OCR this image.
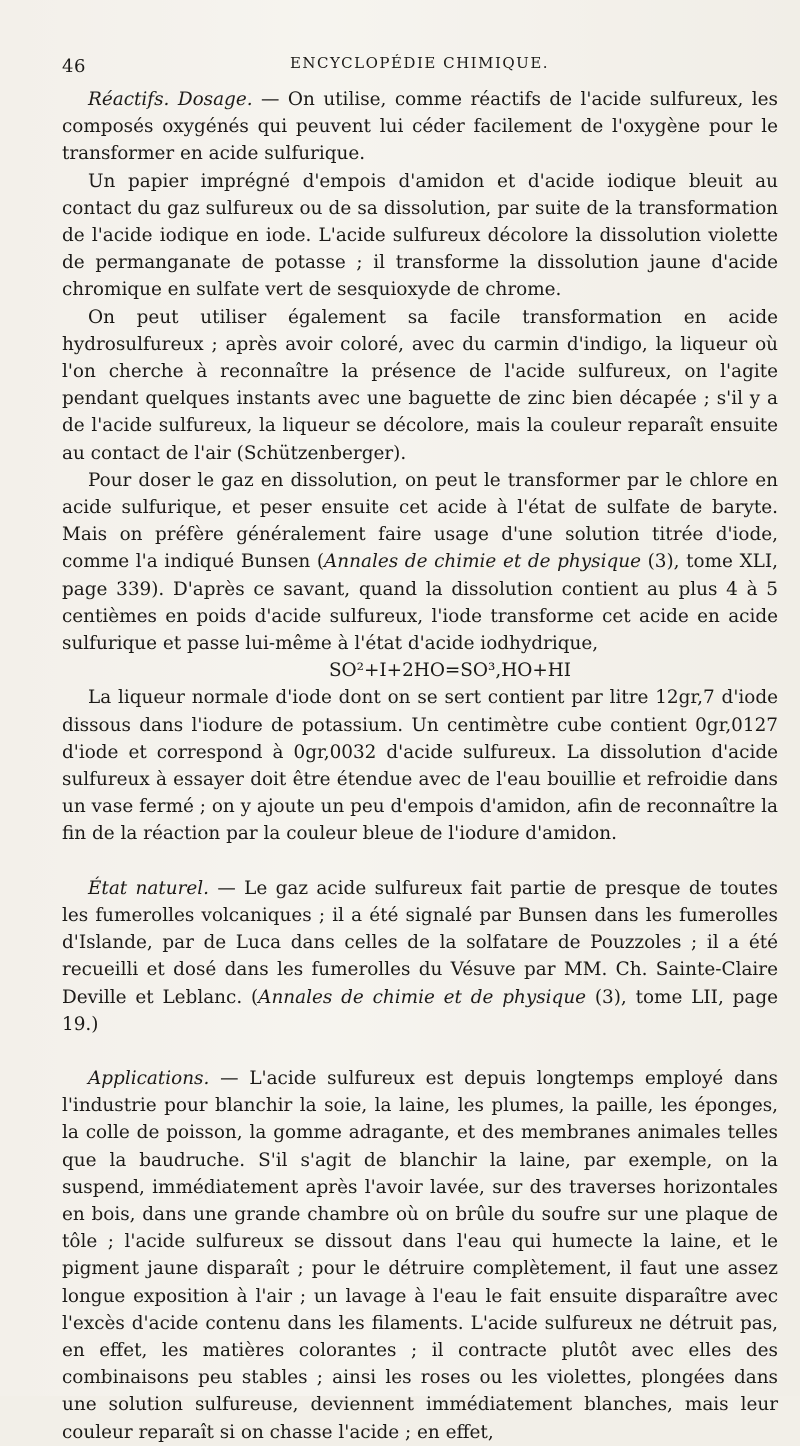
46	ENCYCLOPÉDIE CHIMIQUE.

Réactifs. Dosage. — On utilise, comme réactifs de l'acide sulfureux, les composés oxygénés qui peuvent lui céder facilement de l'oxygène pour le transformer en acide sulfurique.

Un papier imprégné d'empois d'amidon et d'acide iodique bleuit au contact du gaz sulfureux ou de sa dissolution, par suite de la transformation de l'acide iodique en iode. L'acide sulfureux décolore la dissolution violette de permanganate de potasse ; il transforme la dissolution jaune d'acide chromique en sulfate vert de sesquioxyde de chrome.

On peut utiliser également sa facile transformation en acide hydrosulfureux ; après avoir coloré, avec du carmin d'indigo, la liqueur où l'on cherche à reconnaître la présence de l'acide sulfureux, on l'agite pendant quelques instants avec une baguette de zinc bien décapée ; s'il y a de l'acide sulfureux, la liqueur se décolore, mais la couleur reparaît ensuite au contact de l'air (Schützenberger).

Pour doser le gaz en dissolution, on peut le transformer par le chlore en acide sulfurique, et peser ensuite cet acide à l'état de sulfate de baryte. Mais on préfère généralement faire usage d'une solution titrée d'iode, comme l'a indiqué Bunsen (Annales de chimie et de physique (3), tome XLI, page 339). D'après ce savant, quand la dissolution contient au plus 4 à 5 centièmes en poids d'acide sulfureux, l'iode transforme cet acide en acide sulfurique et passe lui-même à l'état d'acide iodhydrique,

SO²+I+2HO=SO³,HO+HI

La liqueur normale d'iode dont on se sert contient par litre 12gr,7 d'iode dissous dans l'iodure de potassium. Un centimètre cube contient 0gr,0127 d'iode et correspond à 0gr,0032 d'acide sulfureux. La dissolution d'acide sulfureux à essayer doit être étendue avec de l'eau bouillie et refroidie dans un vase fermé ; on y ajoute un peu d'empois d'amidon, afin de reconnaître la fin de la réaction par la couleur bleue de l'iodure d'amidon.

État naturel. — Le gaz acide sulfureux fait partie de presque de toutes les fumerolles volcaniques ; il a été signalé par Bunsen dans les fumerolles d'Islande, par de Luca dans celles de la solfatare de Pouzzoles ; il a été recueilli et dosé dans les fumerolles du Vésuve par MM. Ch. Sainte-Claire Deville et Leblanc. (Annales de chimie et de physique (3), tome LII, page 19.)

Applications. — L'acide sulfureux est depuis longtemps employé dans l'industrie pour blanchir la soie, la laine, les plumes, la paille, les éponges, la colle de poisson, la gomme adragante, et des membranes animales telles que la baudruche. S'il s'agit de blanchir la laine, par exemple, on la suspend, immédiatement après l'avoir lavée, sur des traverses horizontales en bois, dans une grande chambre où on brûle du soufre sur une plaque de tôle ; l'acide sulfureux se dissout dans l'eau qui humecte la laine, et le pigment jaune disparaît ; pour le détruire complètement, il faut une assez longue exposition à l'air ; un lavage à l'eau le fait ensuite disparaître avec l'excès d'acide contenu dans les filaments. L'acide sulfureux ne détruit pas, en effet, les matières colorantes ; il contracte plutôt avec elles des combinaisons peu stables ; ainsi les roses ou les violettes, plongées dans une solution sulfureuse, deviennent immédiatement blanches, mais leur couleur reparaît si on chasse l'acide ; en effet,
